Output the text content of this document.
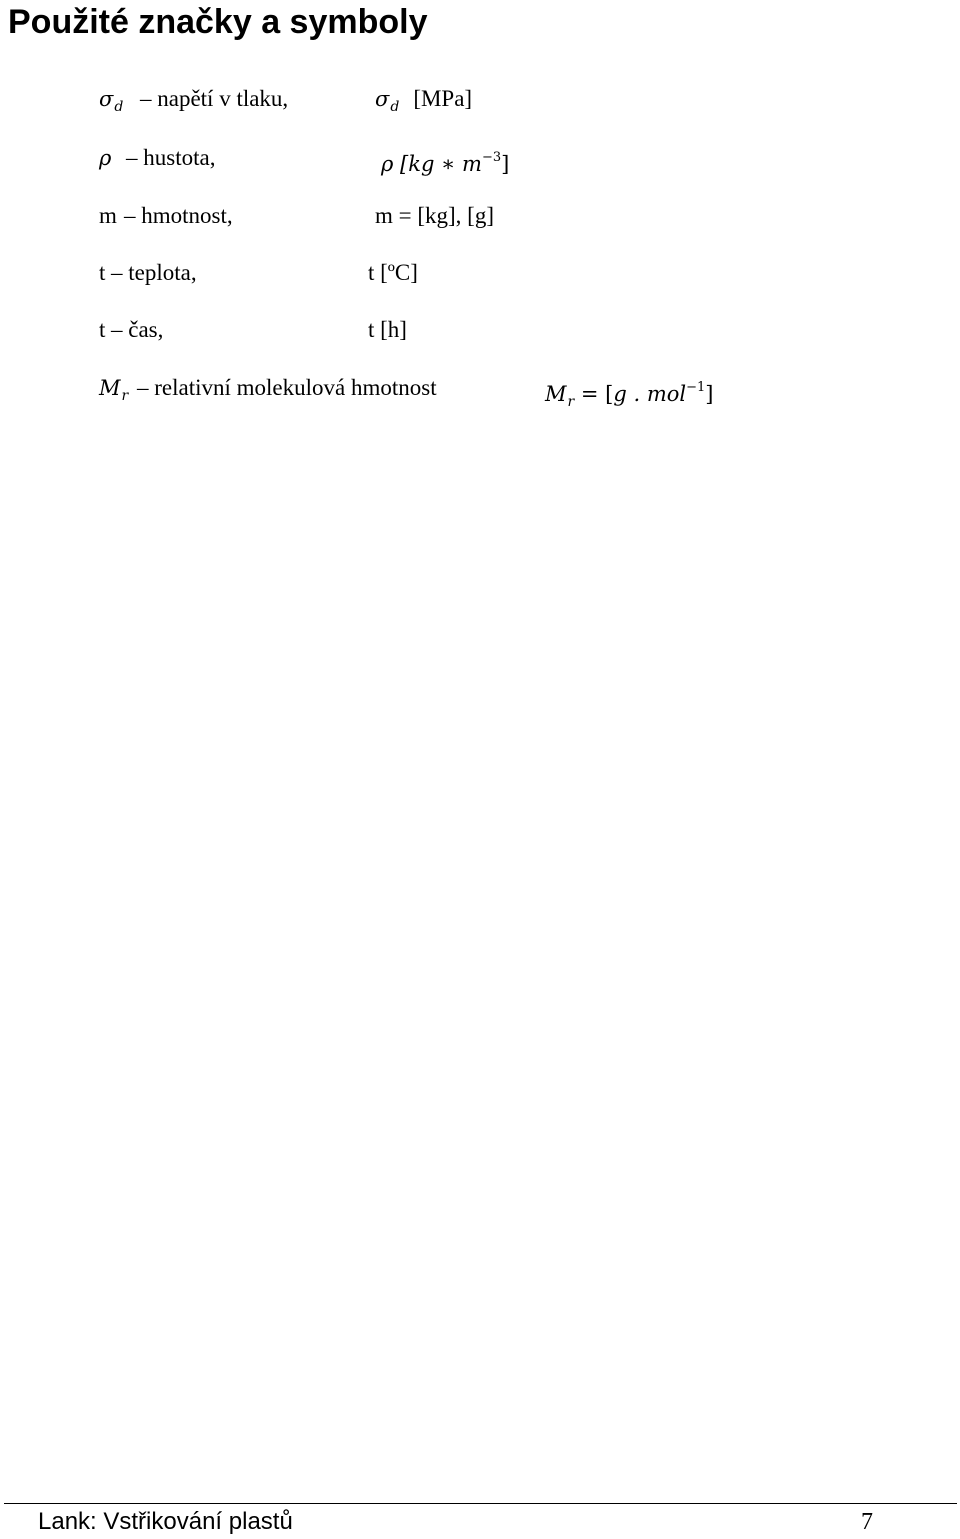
Použité značky a symboly
$\sigma_d$ – napětí v tlaku,	$\sigma_d$ [MPa]
ρ – hustota,	ρ [kg ∗ $m^{-3}$]
m – hmotnost,	m = [kg], [g]
t – teplota,	t [ºC]
t – čas,	t [h]
$M_r$ – relativní molekulová hmotnost	$M_r = [g$ . mol$^{-1}$]
Lank: Vstřikování plastů	7
